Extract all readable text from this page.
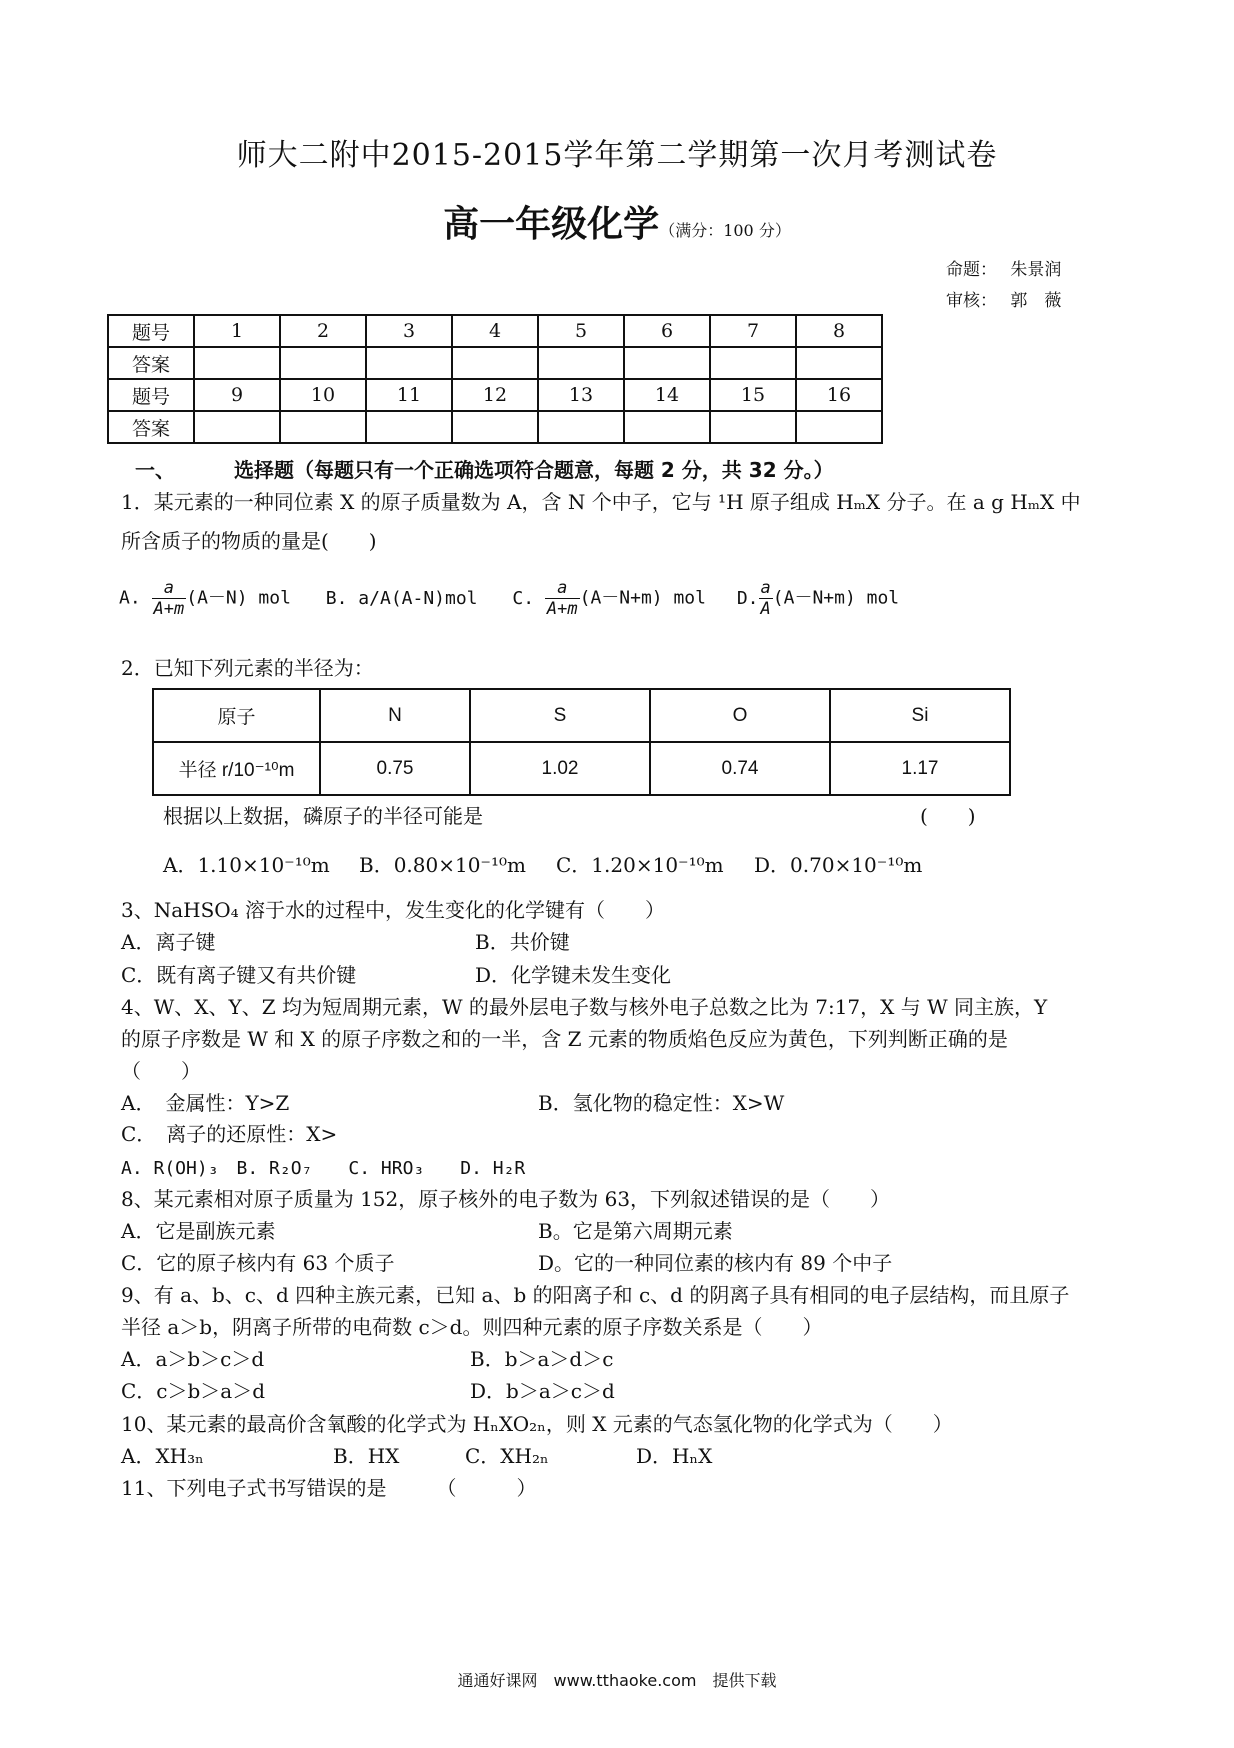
师大二附中2015-2015学年第二学期第一次月考测试卷
高一年级化学（满分：100 分）
命题： 朱景润
审核： 郭　薇
题号	1	2	3	4	5	6	7	8
答案								
题号	9	10	11	12	13	14	15	16
答案								
一、	选择题（每题只有一个正确选项符合题意，每题 2 分，共 32 分。）
1．某元素的一种同位素 X 的原子质量数为 A，含 N 个中子，它与 ¹H 原子组成 HₘX 分子。在 a g HₘX 中
所含质子的物质的量是(　　)
A. $\frac{a}{A+m} (A-N)$ mol B. a/A(A-N)mol C. $\frac{a}{A+m} (A-N+m)$ mol D. $\frac{a}{A} (A-N+m)$ mol
2．已知下列元素的半径为：
原子	N	S	O	Si
半径 r/10⁻¹⁰m	0.75	1.02	0.74	1.17
根据以上数据，磷原子的半径可能是	(　　)
A．1.10×10⁻¹⁰m B．0.80×10⁻¹⁰m C．1.20×10⁻¹⁰m D．0.70×10⁻¹⁰m
3、NaHSO₄ 溶于水的过程中，发生变化的化学键有（　　）
A．离子键	B．共价键
C．既有离子键又有共价键	D．化学键未发生变化
4、W、X、Y、Z 均为短周期元素，W 的最外层电子数与核外电子总数之比为 7:17，X 与 W 同主族，Y
的原子序数是 W 和 X 的原子序数之和的一半，含 Z 元素的物质焰色反应为黄色，下列判断正确的是
（　　）
A．　金属性：Y>Z	B．氢化物的稳定性：X>W
C．　离子的还原性：X>
A. R(OH)₃　B. R₂O₇　　C. HRO₃　　D. H₂R
8、某元素相对原子质量为 152，原子核外的电子数为 63，下列叙述错误的是（　　）
A．它是副族元素	B。它是第六周期元素
C．它的原子核内有 63 个质子	D。它的一种同位素的核内有 89 个中子
9、有 a、b、c、d 四种主族元素，已知 a、b 的阳离子和 c、d 的阴离子具有相同的电子层结构，而且原子
半径 a＞b，阴离子所带的电荷数 c＞d。则四种元素的原子序数关系是（　　）
A．a＞b＞c＞d	B．b＞a＞d＞c
C．c＞b＞a＞d	D．b＞a＞c＞d
10、某元素的最高价含氧酸的化学式为 HₙXO₂ₙ，则 X 元素的气态氢化物的化学式为（　　）
A．XH₃ₙ	B．HX	C．XH₂ₙ	D．HₙX
11、下列电子式书写错误的是　　　（　　　）
通通好课网　www.tthaoke.com　提供下载
